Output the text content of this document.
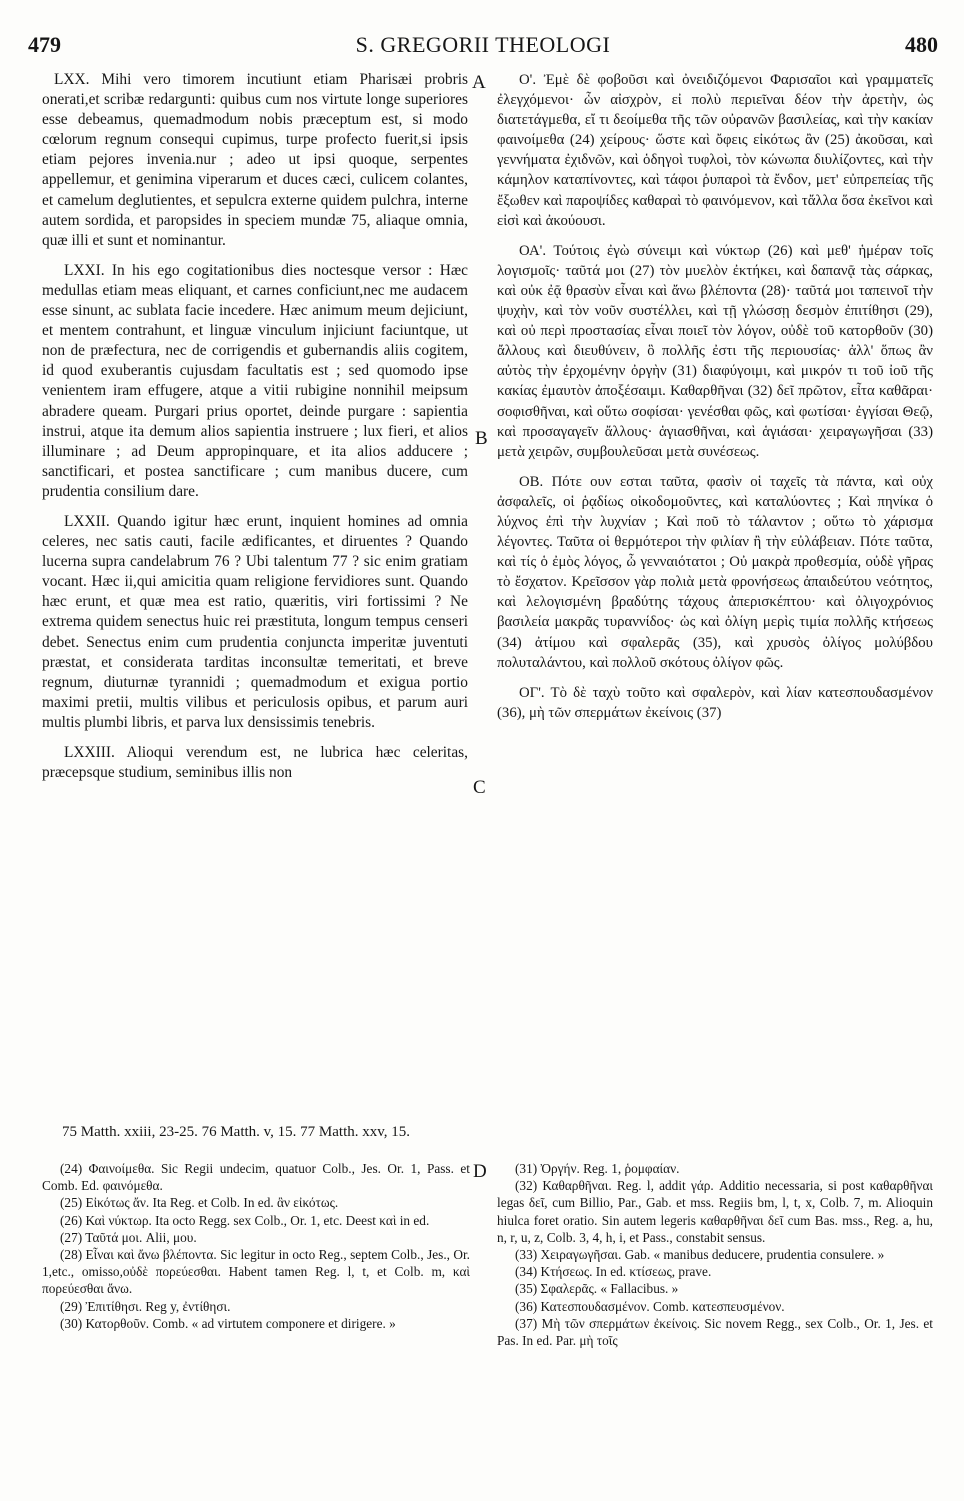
479	S. GREGORII THEOLOGI	480

LXX. Mihi vero timorem incutiunt etiam Pharisæi probris onerati,et scribæ redargunti: quibus cum nos virtute longe superiores esse debeamus, quemadmodum nobis præceptum est, si modo cœlorum regnum consequi cupimus, turpe profecto fuerit,si ipsis etiam pejores invenia.nur ; adeo ut ipsi quoque, serpentes appellemur, et genimina viperarum et duces cæci, culicem colantes, et camelum deglutientes, et sepulcra externe quidem pulchra, interne autem sordida, et paropsides in speciem mundæ 75, aliaque omnia, quæ illi et sunt et nominantur.

LXXI. In his ego cogitationibus dies noctesque versor : Hæc medullas etiam meas eliquant, et carnes conficiunt,nec me audacem esse sinunt, ac sublata facie incedere. Hæc animum meum dejiciunt, et mentem contrahunt, et linguæ vinculum injiciunt faciuntque, ut non de præfectura, nec de corrigendis et gubernandis aliis cogitem, id quod exuberantis cujusdam facultatis est ; sed quomodo ipse venientem iram effugere, atque a vitii rubigine nonnihil meipsum abradere queam. Purgari prius oportet, deinde purgare : sapientia instrui, atque ita demum alios sapientia instruere ; lux fieri, et alios illuminare ; ad Deum appropinquare, et ita alios adducere ; sanctificari, et postea sanctificare ; cum manibus ducere, cum prudentia consilium dare.

LXXII. Quando igitur hæc erunt, inquient homines ad omnia celeres, nec satis cauti, facile ædificantes, et diruentes ? Quando lucerna supra candelabrum 76 ? Ubi talentum 77 ? sic enim gratiam vocant. Hæc ii,qui amicitia quam religione fervidiores sunt. Quando hæc erunt, et quæ mea est ratio, quæritis, viri fortissimi ? Ne extrema quidem senectus huic rei præstituta, longum tempus censeri debet. Senectus enim cum prudentia conjuncta imperitæ juventuti præstat, et considerata tarditas inconsultæ temeritati, et breve regnum, diuturnæ tyrannidi ; quemadmodum et exigua portio maximi pretii, multis vilibus et periculosis opibus, et parum auri multis plumbi libris, et parva lux densissimis tenebris.

LXXIII. Alioqui verendum est, ne lubrica hæc celeritas, præcepsque studium, seminibus illis non

A
B
C
D

Ο'. Ἐμὲ δὲ φοβοῦσι καὶ ὀνειδιζόμενοι Φαρισαῖοι καὶ γραμματεῖς ἐλεγχόμενοι· ὧν αἰσχρὸν, εἰ πολὺ περιεῖναι δέον τὴν ἀρετὴν, ὡς διατετάγμεθα, εἴ τι δεοίμεθα τῆς τῶν οὐρανῶν βασιλείας, καὶ τὴν κακίαν φαινοίμεθα (24) χείρους· ὥστε καὶ ὄφεις εἰκότως ἂν (25) ἀκοῦσαι, καὶ γεννήματα ἐχιδνῶν, καὶ ὁδηγοὶ τυφλοὶ, τὸν κώνωπα διυλίζοντες, καὶ τὴν κάμηλον καταπίνοντες, καὶ τάφοι ῥυπαροὶ τὰ ἔνδον, μετ' εὐπρεπείας τῆς ἔξωθεν καὶ παροψίδες καθαραὶ τὸ φαινόμενον, καὶ τἄλλα ὅσα ἐκεῖνοι καὶ εἰσὶ καὶ ἀκούουσι.

ΟΑ'. Τούτοις ἐγὼ σύνειμι καὶ νύκτωρ (26) καὶ μεθ' ἡμέραν τοῖς λογισμοῖς· ταῦτά μοι (27) τὸν μυελὸν ἐκτήκει, καὶ δαπανᾷ τὰς σάρκας, καὶ οὐκ ἐᾷ θρασὺν εἶναι καὶ ἄνω βλέποντα (28)· ταῦτά μοι ταπεινοῖ τὴν ψυχὴν, καὶ τὸν νοῦν συστέλλει, καὶ τῇ γλώσσῃ δεσμὸν ἐπιτίθησι (29), καὶ οὐ περὶ προστασίας εἶναι ποιεῖ τὸν λόγον, οὐδὲ τοῦ κατορθοῦν (30) ἄλλους καὶ διευθύνειν, ὃ πολλῆς ἐστι τῆς περιουσίας· ἀλλ' ὅπως ἂν αὐτὸς τὴν ἐρχομένην ὀργὴν (31) διαφύγοιμι, καὶ μικρόν τι τοῦ ἰοῦ τῆς κακίας ἐμαυτὸν ἀποξέσαιμι. Καθαρθῆναι (32) δεῖ πρῶτον, εἶτα καθᾶραι· σοφισθῆναι, καὶ οὕτω σοφίσαι· γενέσθαι φῶς, καὶ φωτίσαι· ἐγγίσαι Θεῷ, καὶ προσαγαγεῖν ἄλλους· ἁγιασθῆναι, καὶ ἁγιάσαι· χειραγωγῆσαι (33) μετὰ χειρῶν, συμβουλεῦσαι μετὰ συνέσεως.

ΟΒ. Πότε ουν εσται ταῦτα, φασὶν οἱ ταχεῖς τὰ πάντα, καὶ οὐχ ἀσφαλεῖς, οἱ ῥᾳδίως οἰκοδομοῦντες, καὶ καταλύοντες ; Καὶ πηνίκα ὁ λύχνος ἐπὶ τὴν λυχνίαν ; Καὶ ποῦ τὸ τάλαντον ; οὕτω τὸ χάρισμα λέγοντες. Ταῦτα οἱ θερμότεροι τὴν φιλίαν ἢ τὴν εὐλάβειαν. Πότε ταῦτα, καὶ τίς ὁ ἐμὸς λόγος, ὦ γενναιότατοι ; Οὐ μακρὰ προθεσμία, οὐδὲ γῆρας τὸ ἔσχατον. Κρεῖσσον γὰρ πολιὰ μετὰ φρονήσεως ἀπαιδεύτου νεότητος, καὶ λελογισμένη βραδύτης τάχους ἀπερισκέπτου· καὶ ὀλιγοχρόνιος βασιλεία μακρᾶς τυραννίδος· ὡς καὶ ὀλίγη μερὶς τιμία πολλῆς κτήσεως (34) ἀτίμου καὶ σφαλερᾶς (35), καὶ χρυσὸς ὀλίγος μολύβδου πολυταλάντου, καὶ πολλοῦ σκότους ὀλίγον φῶς.

ΟΓ'. Τὸ δὲ ταχὺ τοῦτο καὶ σφαλερὸν, καὶ λίαν κατεσπουδασμένον (36), μὴ τῶν σπερμάτων ἐκείνοις (37)

75 Matth. xxiii, 23-25. 76 Matth. v, 15. 77 Matth. xxv, 15.

(24) Φαινοίμεθα. Sic Regii undecim, quatuor Colb., Jes. Or. 1, Pass. et Comb. Ed. φαινόμεθα.

(25) Εἰκότως ἄν. Ita Reg. et Colb. In ed. ἂν εἰκότως.

(26) Καὶ νύκτωρ. Ita octo Regg. sex Colb., Or. 1, etc. Deest καὶ in ed.

(27) Ταῦτά μοι. Alii, μου.

(28) Εἶναι καὶ ἄνω βλέποντα. Sic legitur in octo Reg., septem Colb., Jes., Or. 1,etc., omisso,οὐδὲ πορεύεσθαι. Habent tamen Reg. l, t, et Colb. m, καὶ πορεύεσθαι ἄνω.

(29) Ἐπιτίθησι. Reg y, ἐντίθησι.

(30) Κατορθοῦν. Comb. « ad virtutem componere et dirigere. »

(31) Ὀργήν. Reg. 1, ῥομφαίαν.

(32) Καθαρθῆναι. Reg. l, addit γάρ. Additio necessaria, si post καθαρθῆναι legas δεῖ, cum Billio, Par., Gab. et mss. Regiis bm, l, t, x, Colb. 7, m. Alioquin hiulca foret oratio. Sin autem legeris καθαρθῆναι δεῖ cum Bas. mss., Reg. a, hu, n, r, u, z, Colb. 3, 4, h, i, et Pass., constabit sensus.

(33) Χειραγωγῆσαι. Gab. « manibus deducere, prudentia consulere. »

(34) Κτήσεως. In ed. κτίσεως, prave.

(35) Σφαλερᾶς. « Fallacibus. »

(36) Κατεσπουδασμένον. Comb. κατεσπευσμένον.

(37) Μὴ τῶν σπερμάτων ἐκείνοις. Sic novem Regg., sex Colb., Or. 1, Jes. et Pas. In ed. Par. μὴ τοῖς
